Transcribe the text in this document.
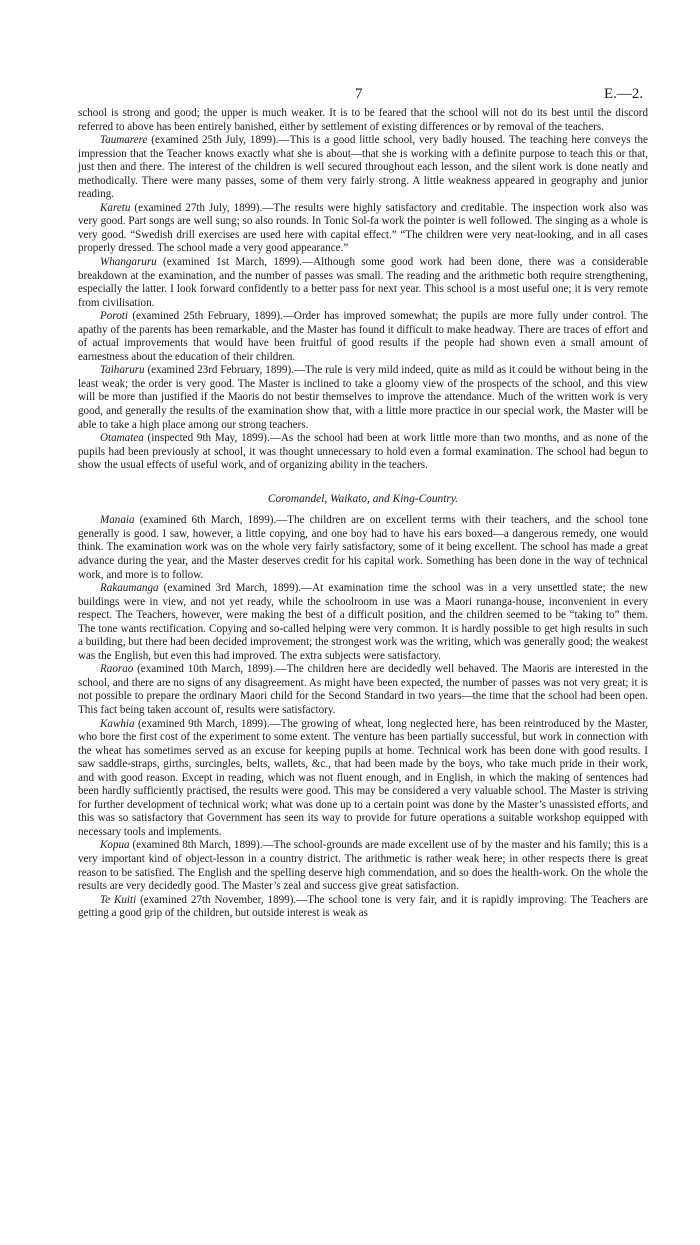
7	E.—2.

school is strong and good; the upper is much weaker. It is to be feared that the school will not do its best until the discord referred to above has been entirely banished, either by settlement of existing differences or by removal of the teachers.

Taumarere (examined 25th July, 1899).—This is a good little school, very badly housed. The teaching here conveys the impression that the Teacher knows exactly what she is about—that she is working with a definite purpose to teach this or that, just then and there. The interest of the children is well secured throughout each lesson, and the silent work is done neatly and methodically. There were many passes, some of them very fairly strong. A little weakness appeared in geography and junior reading.

Karetu (examined 27th July, 1899).—The results were highly satisfactory and creditable. The inspection work also was very good. Part songs are well sung; so also rounds. In Tonic Sol-fa work the pointer is well followed. The singing as a whole is very good. “Swedish drill exercises are used here with capital effect.” “The children were very neat-looking, and in all cases properly dressed. The school made a very good appearance.”

Whangaruru (examined 1st March, 1899).—Although some good work had been done, there was a considerable breakdown at the examination, and the number of passes was small. The reading and the arithmetic both require strengthening, especially the latter. I look forward confidently to a better pass for next year. This school is a most useful one; it is very remote from civilisation.

Poroti (examined 25th February, 1899).—Order has improved somewhat; the pupils are more fully under control. The apathy of the parents has been remarkable, and the Master has found it difficult to make headway. There are traces of effort and of actual improvements that would have been fruitful of good results if the people had shown even a small amount of earnestness about the education of their children.

Taiharuru (examined 23rd February, 1899).—The rule is very mild indeed, quite as mild as it could be without being in the least weak; the order is very good. The Master is inclined to take a gloomy view of the prospects of the school, and this view will be more than justified if the Maoris do not bestir themselves to improve the attendance. Much of the written work is very good, and generally the results of the examination show that, with a little more practice in our special work, the Master will be able to take a high place among our strong teachers.

Otamatea (inspected 9th May, 1899).—As the school had been at work little more than two months, and as none of the pupils had been previously at school, it was thought unnecessary to hold even a formal examination. The school had begun to show the usual effects of useful work, and of organizing ability in the teachers.

Coromandel, Waikato, and King-Country.

Manaia (examined 6th March, 1899).—The children are on excellent terms with their teachers, and the school tone generally is good. I saw, however, a little copying, and one boy had to have his ears boxed—a dangerous remedy, one would think. The examination work was on the whole very fairly satisfactory, some of it being excellent. The school has made a great advance during the year, and the Master deserves credit for his capital work. Something has been done in the way of technical work, and more is to follow.

Rakaumanga (examined 3rd March, 1899).—At examination time the school was in a very unsettled state; the new buildings were in view, and not yet ready, while the schoolroom in use was a Maori runanga-house, inconvenient in every respect. The Teachers, however, were making the best of a difficult position, and the children seemed to be “taking to” them. The tone wants rectification. Copying and so-called helping were very common. It is hardly possible to get high results in such a building, but there had been decided improvement; the strongest work was the writing, which was generally good; the weakest was the English, but even this had improved. The extra subjects were satisfactory.

Raorao (examined 10th March, 1899).—The children here are decidedly well behaved. The Maoris are interested in the school, and there are no signs of any disagreement. As might have been expected, the number of passes was not very great; it is not possible to prepare the ordinary Maori child for the Second Standard in two years—the time that the school had been open. This fact being taken account of, results were satisfactory.

Kawhia (examined 9th March, 1899).—The growing of wheat, long neglected here, has been reintroduced by the Master, who bore the first cost of the experiment to some extent. The venture has been partially successful, but work in connection with the wheat has sometimes served as an excuse for keeping pupils at home. Technical work has been done with good results. I saw saddle-straps, girths, surcingles, belts, wallets, &c., that had been made by the boys, who take much pride in their work, and with good reason. Except in reading, which was not fluent enough, and in English, in which the making of sentences had been hardly sufficiently practised, the results were good. This may be considered a very valuable school. The Master is striving for further development of technical work; what was done up to a certain point was done by the Master’s unassisted efforts, and this was so satisfactory that Government has seen its way to provide for future operations a suitable workshop equipped with necessary tools and implements.

Kopua (examined 8th March, 1899).—The school-grounds are made excellent use of by the master and his family; this is a very important kind of object-lesson in a country district. The arithmetic is rather weak here; in other respects there is great reason to be satisfied. The English and the spelling deserve high commendation, and so does the health-work. On the whole the results are very decidedly good. The Master’s zeal and success give great satisfaction.

Te Kuiti (examined 27th November, 1899).—The school tone is very fair, and it is rapidly improving. The Teachers are getting a good grip of the children, but outside interest is weak as
